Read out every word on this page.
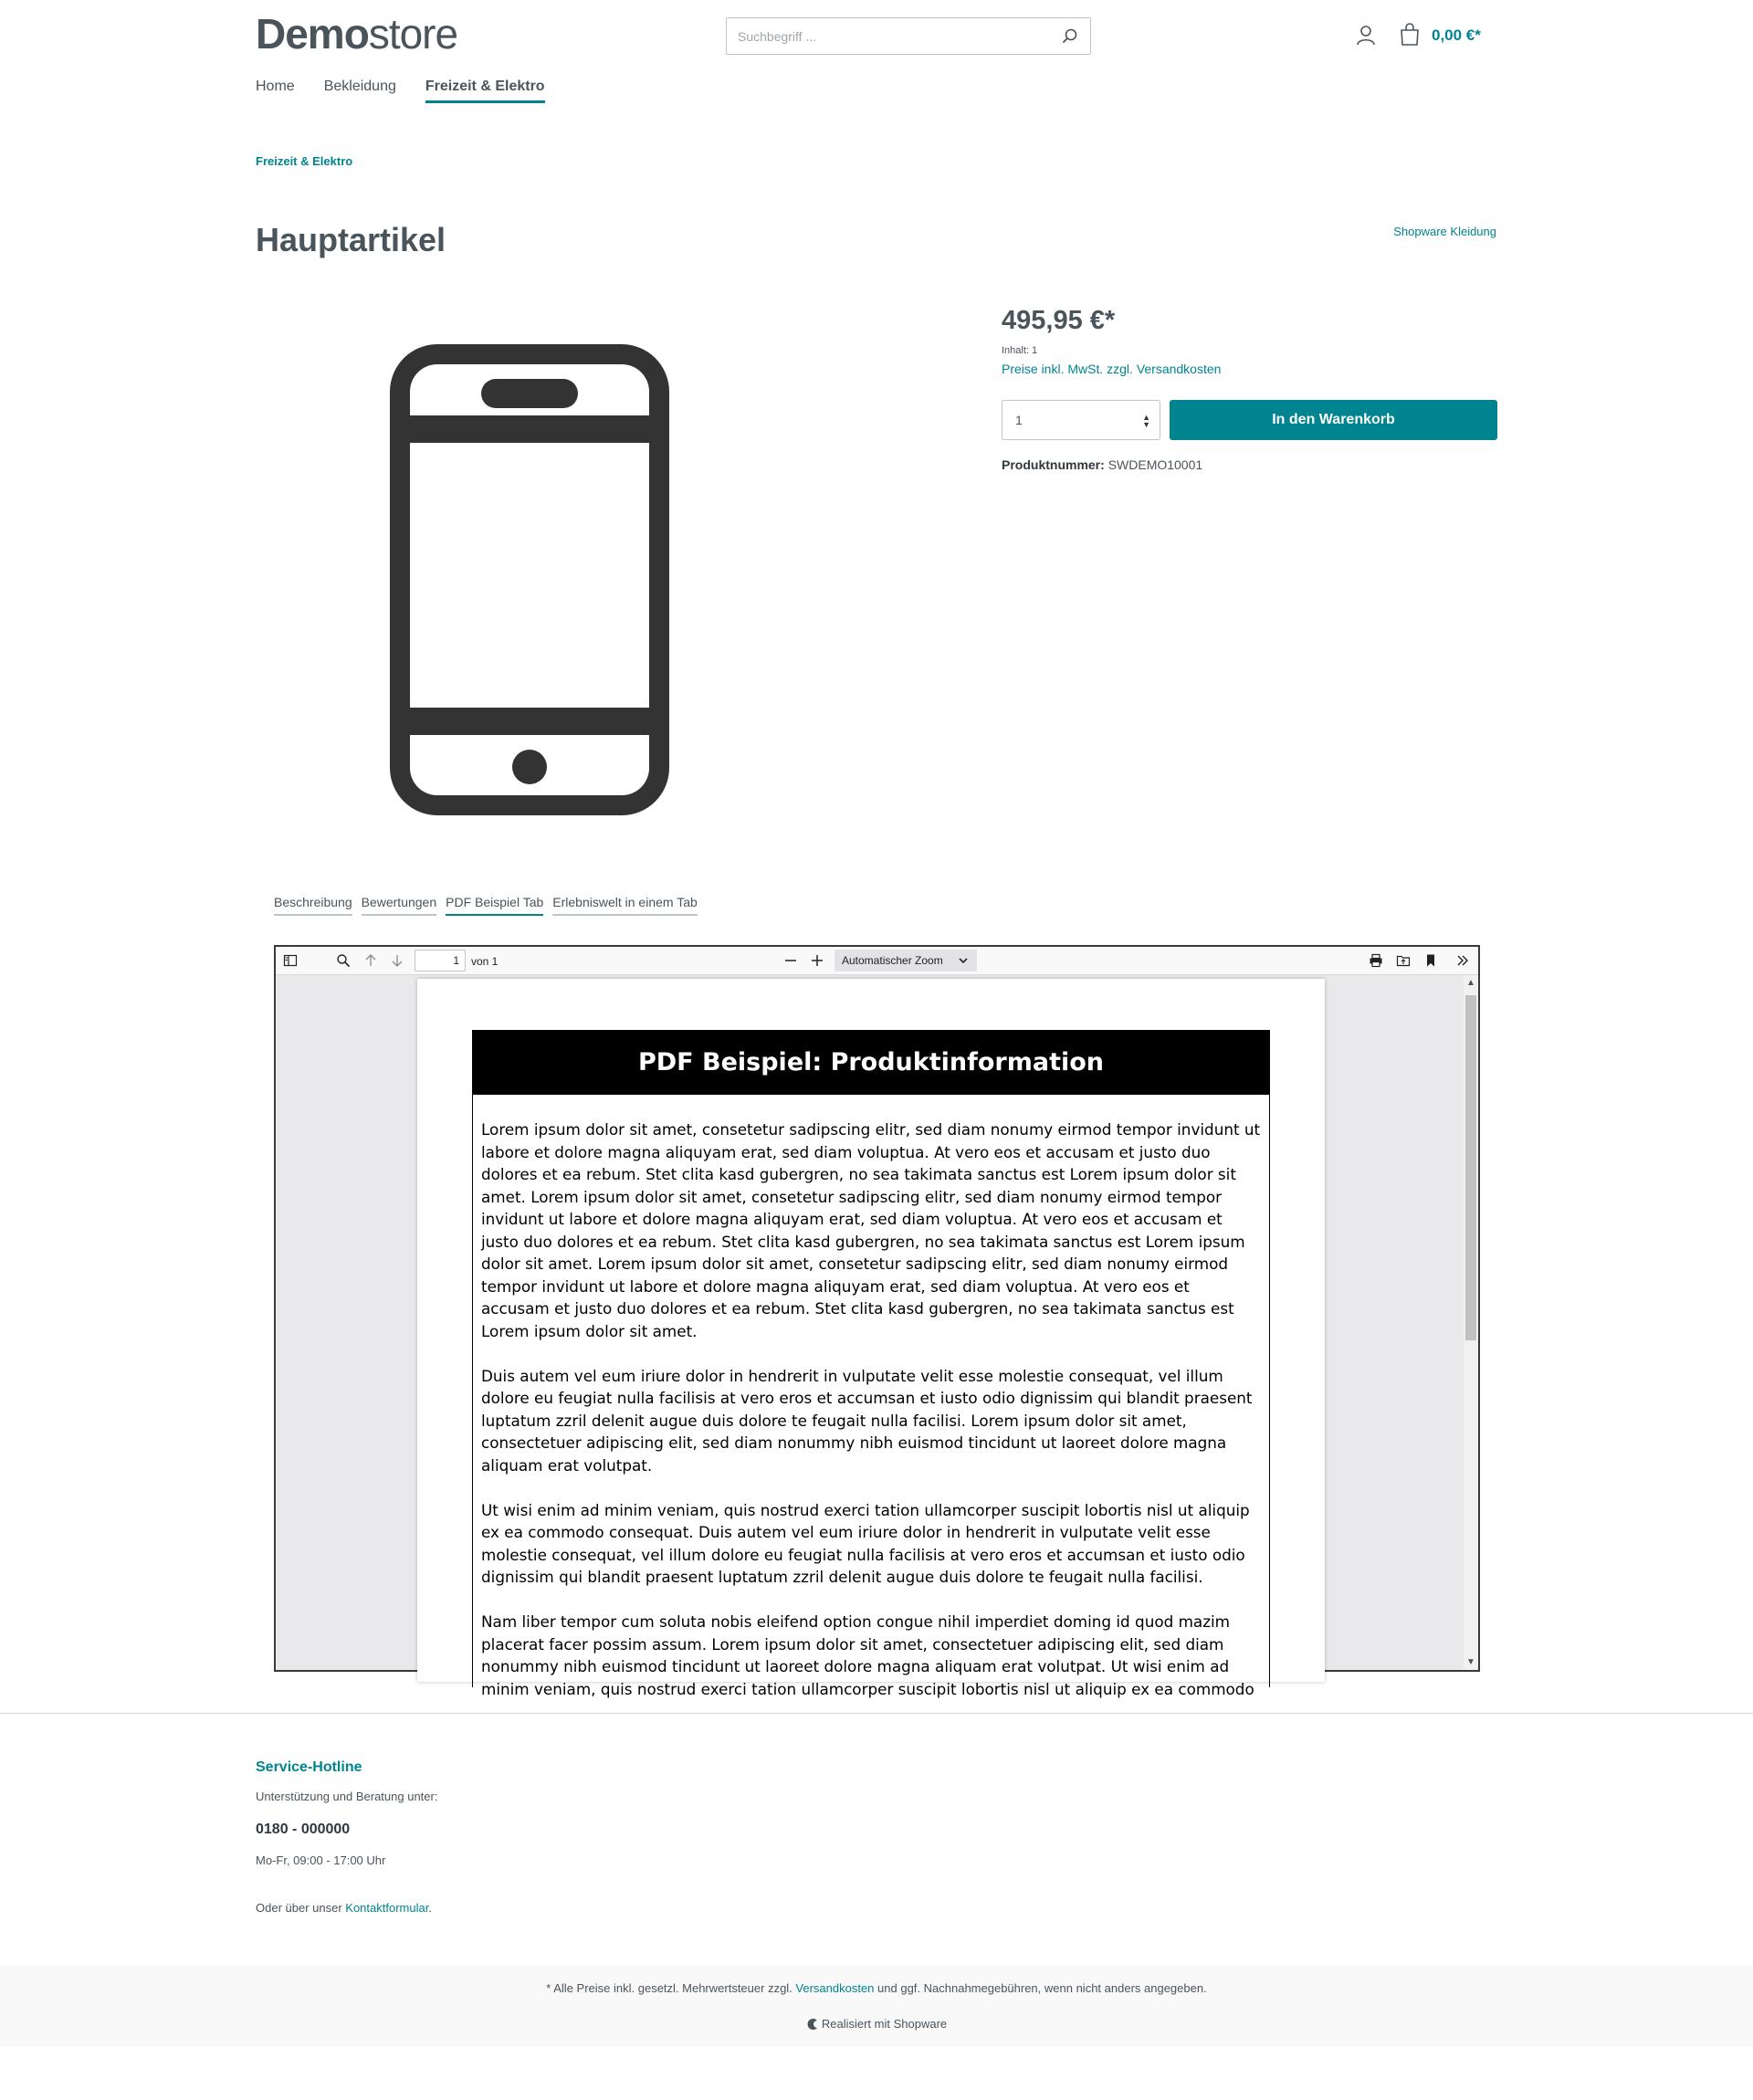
Demostore
Suchbegriff ...	0,00 €*
Home Bekleidung Freizeit & Elektro
Freizeit & Elektro
Hauptartikel	Shopware Kleidung
495,95 €*
Inhalt: 1
Preise inkl. MwSt. zzgl. Versandkosten
1	▲
▼	In den Warenkorb
Produktnummer: SWDEMO10001
Beschreibung Bewertungen PDF Beispiel Tab Erlebniswelt in einem Tab
1	von 1	Automatischer Zoom
PDF Beispiel: Produktinformation

Lorem ipsum dolor sit amet, consetetur sadipscing elitr, sed diam nonumy eirmod tempor invidunt ut labore et dolore magna aliquyam erat, sed diam voluptua. At vero eos et accusam et justo duo dolores et ea rebum. Stet clita kasd gubergren, no sea takimata sanctus est Lorem ipsum dolor sit amet. Lorem ipsum dolor sit amet, consetetur sadipscing elitr, sed diam nonumy eirmod tempor invidunt ut labore et dolore magna aliquyam erat, sed diam voluptua. At vero eos et accusam et justo duo dolores et ea rebum. Stet clita kasd gubergren, no sea takimata sanctus est Lorem ipsum dolor sit amet. Lorem ipsum dolor sit amet, consetetur sadipscing elitr, sed diam nonumy eirmod tempor invidunt ut labore et dolore magna aliquyam erat, sed diam voluptua. At vero eos et accusam et justo duo dolores et ea rebum. Stet clita kasd gubergren, no sea takimata sanctus est Lorem ipsum dolor sit amet.

Duis autem vel eum iriure dolor in hendrerit in vulputate velit esse molestie consequat, vel illum dolore eu feugiat nulla facilisis at vero eros et accumsan et iusto odio dignissim qui blandit praesent luptatum zzril delenit augue duis dolore te feugait nulla facilisi. Lorem ipsum dolor sit amet, consectetuer adipiscing elit, sed diam nonummy nibh euismod tincidunt ut laoreet dolore magna aliquam erat volutpat.

Ut wisi enim ad minim veniam, quis nostrud exerci tation ullamcorper suscipit lobortis nisl ut aliquip ex ea commodo consequat. Duis autem vel eum iriure dolor in hendrerit in vulputate velit esse molestie consequat, vel illum dolore eu feugiat nulla facilisis at vero eros et accumsan et iusto odio dignissim qui blandit praesent luptatum zzril delenit augue duis dolore te feugait nulla facilisi.

Nam liber tempor cum soluta nobis eleifend option congue nihil imperdiet doming id quod mazim placerat facer possim assum. Lorem ipsum dolor sit amet, consectetuer adipiscing elit, sed diam nonummy nibh euismod tincidunt ut laoreet dolore magna aliquam erat volutpat. Ut wisi enim ad minim veniam, quis nostrud exerci tation ullamcorper suscipit lobortis nisl ut aliquip ex ea commodo

▲
▼
Service-Hotline
Unterstützung und Beratung unter:
0180 - 000000
Mo-Fr, 09:00 - 17:00 Uhr
Oder über unser Kontaktformular.
* Alle Preise inkl. gesetzl. Mehrwertsteuer zzgl. Versandkosten und ggf. Nachnahmegebühren, wenn nicht anders angegeben.
Realisiert mit Shopware
